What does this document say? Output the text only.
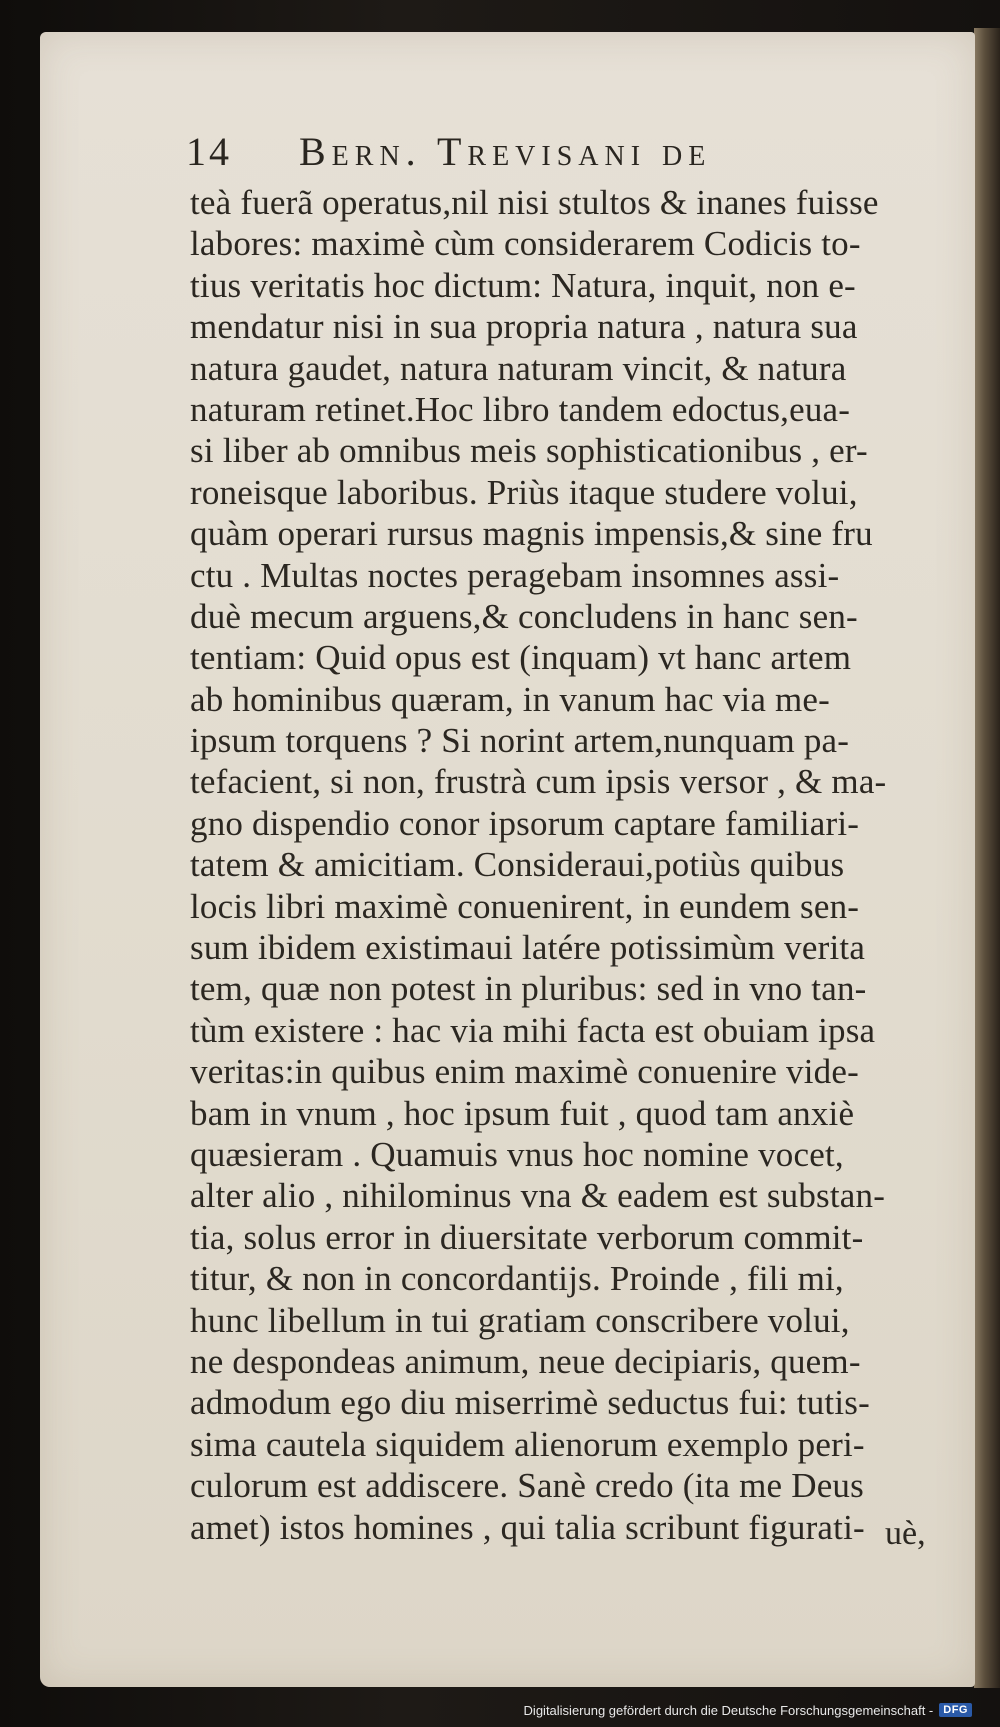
14 Bern. Trevisani de
teà fuerã operatus,nil nisi stultos & inanes fuisse
labores: maximè cùm considerarem Codicis to-
tius veritatis hoc dictum: Natura, inquit, non e-
mendatur nisi in sua propria natura , natura sua
natura gaudet, natura naturam vincit, & natura
naturam retinet.Hoc libro tandem edoctus,eua-
si liber ab omnibus meis sophisticationibus , er-
roneisque laboribus. Priùs itaque studere volui,
quàm operari rursus magnis impensis,& sine fru
ctu . Multas noctes peragebam insomnes assi-
duè mecum arguens,& concludens in hanc sen-
tentiam: Quid opus est (inquam) vt hanc artem
ab hominibus quæram, in vanum hac via me-
ipsum torquens ? Si norint artem,nunquam pa-
tefacient, si non, frustrà cum ipsis versor , & ma-
gno dispendio conor ipsorum captare familiari-
tatem & amicitiam. Consideraui,potiùs quibus
locis libri maximè conuenirent, in eundem sen-
sum ibidem existimaui latére potissimùm verita
tem, quæ non potest in pluribus: sed in vno tan-
tùm existere : hac via mihi facta est obuiam ipsa
veritas:in quibus enim maximè conuenire vide-
bam in vnum , hoc ipsum fuit , quod tam anxiè
quæsieram . Quamuis vnus hoc nomine vocet,
alter alio , nihilominus vna & eadem est substan-
tia, solus error in diuersitate verborum commit-
titur, & non in concordantijs. Proinde , fili mi,
hunc libellum in tui gratiam conscribere volui,
ne despondeas animum, neue decipiaris, quem-
admodum ego diu miserrimè seductus fui: tutis-
sima cautela siquidem alienorum exemplo peri-
culorum est addiscere. Sanè credo (ita me Deus
amet) istos homines , qui talia scribunt figurati- uè,
Digitalisierung gefördert durch die Deutsche Forschungsgemeinschaft - DFG
